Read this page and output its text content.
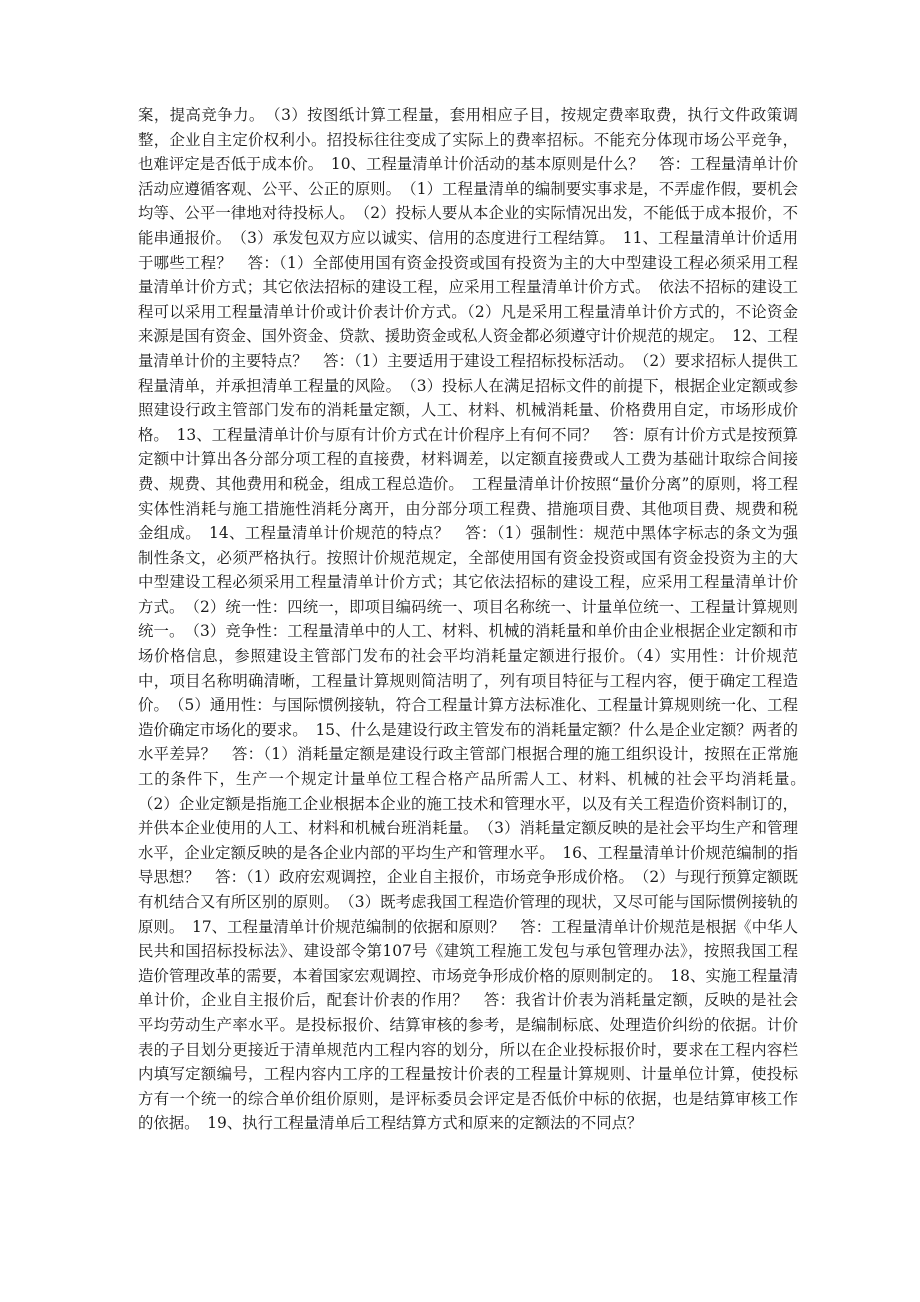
案，提高竞争力。　（3）按图纸计算工程量，套用相应子目，按规定费率取费，执行文件政策调整，企业自主定价权利小。招投标往往变成了实际上的费率招标。不能充分体现市场公平竞争，也难评定是否低于成本价。　10、工程量清单计价活动的基本原则是什么？　答：工程量清单计价活动应遵循客观、公平、公正的原则。　（1）工程量清单的编制要实事求是，不弄虚作假，要机会均等、公平一律地对待投标人。　（2）投标人要从本企业的实际情况出发，不能低于成本报价，不能串通报价。　（3）承发包双方应以诚实、信用的态度进行工程结算。　11、工程量清单计价适用于哪些工程？　答：（1）全部使用国有资金投资或国有投资为主的大中型建设工程必须采用工程量清单计价方式；其它依法招标的建设工程，应采用工程量清单计价方式。　依法不招标的建设工程可以采用工程量清单计价或计价表计价方式。（2）凡是采用工程量清单计价方式的，不论资金来源是国有资金、国外资金、贷款、援助资金或私人资金都必须遵守计价规范的规定。　12、工程量清单计价的主要特点？　答：（1）主要适用于建设工程招标投标活动。　（2）要求招标人提供工程量清单，并承担清单工程量的风险。　（3）投标人在满足招标文件的前提下，根据企业定额或参照建设行政主管部门发布的消耗量定额，人工、材料、机械消耗量、价格费用自定，市场形成价格。　13、工程量清单计价与原有计价方式在计价程序上有何不同？　答：原有计价方式是按预算定额中计算出各分部分项工程的直接费，材料调差，以定额直接费或人工费为基础计取综合间接费、规费、其他费用和税金，组成工程总造价。　工程量清单计价按照“量价分离”的原则，将工程实体性消耗与施工措施性消耗分离开，由分部分项工程费、措施项目费、其他项目费、规费和税金组成。　14、工程量清单计价规范的特点？　答：（1）强制性：规范中黑体字标志的条文为强制性条文，必须严格执行。按照计价规范规定，全部使用国有资金投资或国有资金投资为主的大中型建设工程必须采用工程量清单计价方式；其它依法招标的建设工程，应采用工程量清单计价方式。　（2）统一性：四统一，即项目编码统一、项目名称统一、计量单位统一、工程量计算规则统一。　（3）竞争性：工程量清单中的人工、材料、机械的消耗量和单价由企业根据企业定额和市场价格信息，参照建设主管部门发布的社会平均消耗量定额进行报价。（4）实用性：计价规范中，项目名称明确清晰，工程量计算规则简洁明了，列有项目特征与工程内容，便于确定工程造价。　（5）通用性：与国际惯例接轨，符合工程量计算方法标准化、工程量计算规则统一化、工程造价确定市场化的要求。　15、什么是建设行政主管发布的消耗量定额？什么是企业定额？两者的水平差异？　答：（1）消耗量定额是建设行政主管部门根据合理的施工组织设计，按照在正常施工的条件下，生产一个规定计量单位工程合格产品所需人工、材料、机械的社会平均消耗量。　（2）企业定额是指施工企业根据本企业的施工技术和管理水平，以及有关工程造价资料制订的，并供本企业使用的人工、材料和机械台班消耗量。　（3）消耗量定额反映的是社会平均生产和管理水平，企业定额反映的是各企业内部的平均生产和管理水平。　16、工程量清单计价规范编制的指导思想？　答：（1）政府宏观调控，企业自主报价，市场竞争形成价格。　（2）与现行预算定额既有机结合又有所区别的原则。　（3）既考虑我国工程造价管理的现状，又尽可能与国际惯例接轨的原则。　17、工程量清单计价规范编制的依据和原则？　答：工程量清单计价规范是根据《中华人民共和国招标投标法》、建设部令第107号《建筑工程施工发包与承包管理办法》，按照我国工程造价管理改革的需要，本着国家宏观调控、市场竞争形成价格的原则制定的。　18、实施工程量清单计价，企业自主报价后，配套计价表的作用？　答：我省计价表为消耗量定额，反映的是社会平均劳动生产率水平。是投标报价、结算审核的参考，是编制标底、处理造价纠纷的依据。计价表的子目划分更接近于清单规范内工程内容的划分，所以在企业投标报价时，要求在工程内容栏内填写定额编号，工程内容内工序的工程量按计价表的工程量计算规则、计量单位计算，使投标方有一个统一的综合单价组价原则，是评标委员会评定是否低价中标的依据，也是结算审核工作的依据。　19、执行工程量清单后工程结算方式和原来的定额法的不同点？
